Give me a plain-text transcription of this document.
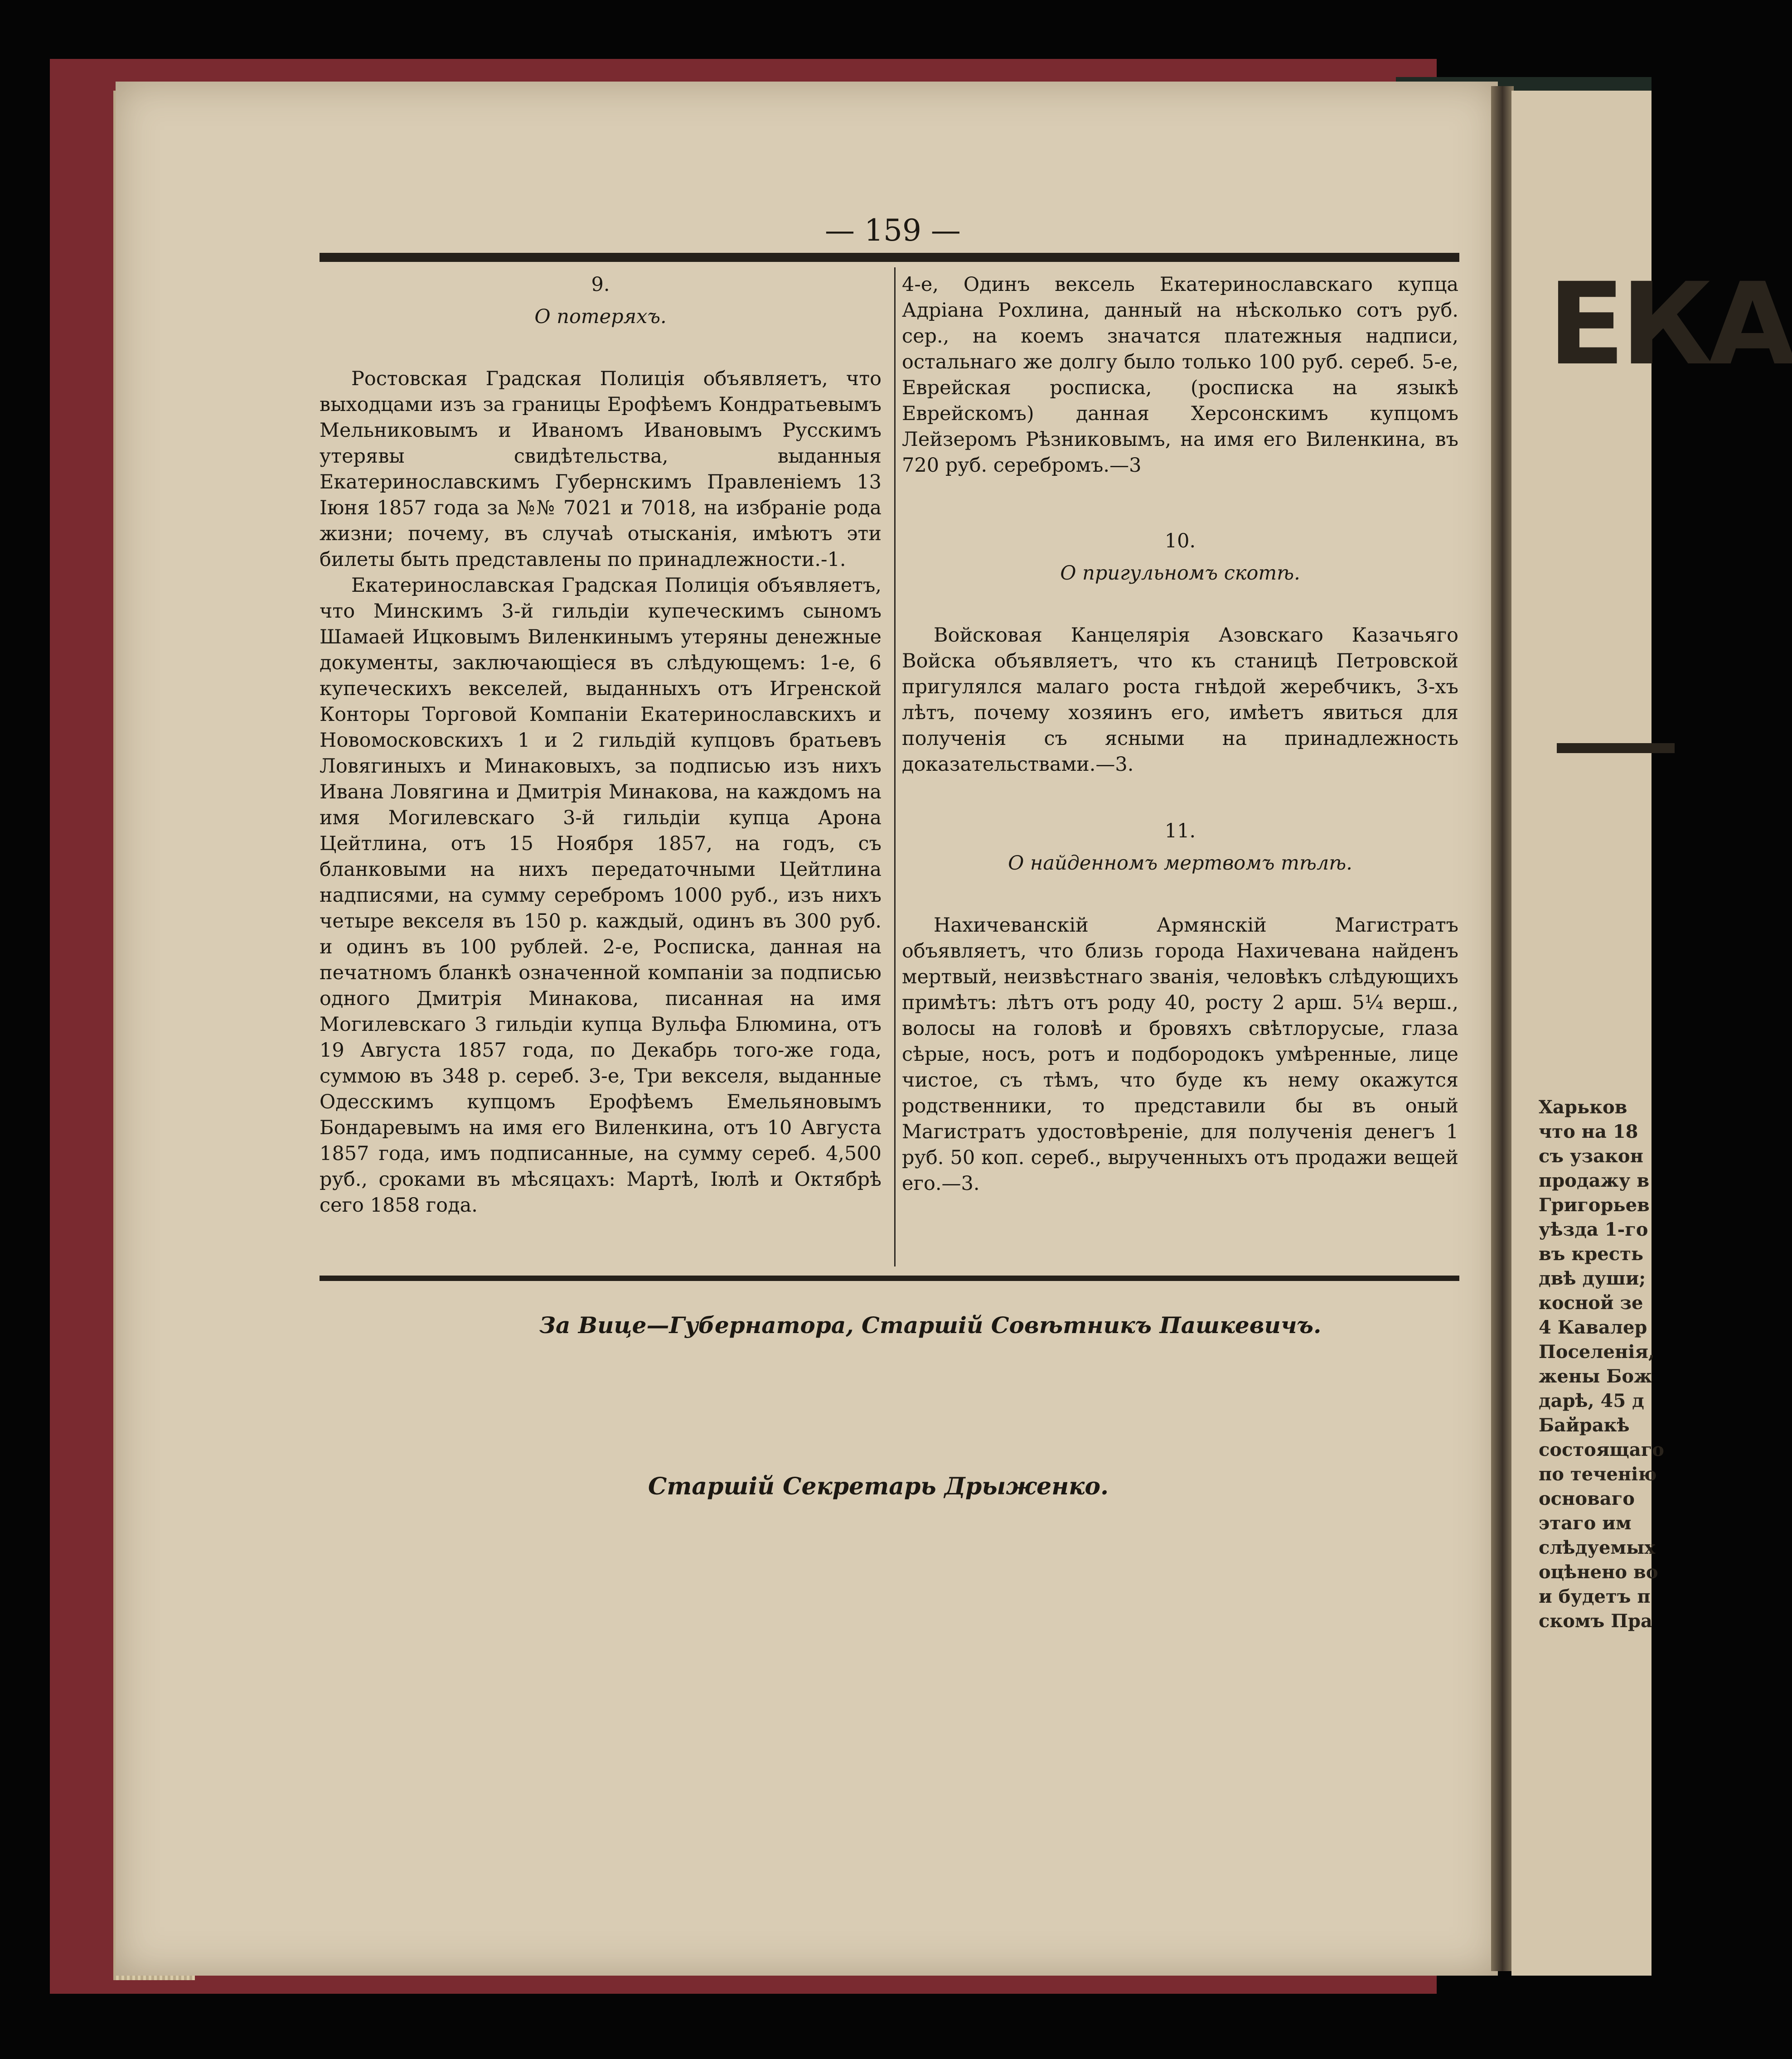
ЕКА
Харьков
что на 18
съ узакон
продажу в
Григорьев
уѣзда 1-го
въ кресть
двѣ души;
косной зе
4 Кавалер
Поселенія,
жены Бож
дарѣ, 45 д
Байракѣ
состоящаго
по теченію
основаго
этаго им
слѣдуемых
оцѣнено во
и будетъ п
скомъ Пра
— 159 —

9.

О потеряхъ.

Ростовская Градская Полиція объявляетъ, что выходцами изъ за границы Ерофѣемъ Кондратьевымъ Мельниковымъ и Иваномъ Ивановымъ Русскимъ утерявы свидѣтельства, выданныя Екатеринославскимъ Губернскимъ Правленіемъ 13 Іюня 1857 года за №№ 7021 и 7018, на избраніе рода жизни; почему, въ случаѣ отысканія, имѣютъ эти билеты быть представлены по принадлежности.-1.

Екатеринославская Градская Полиція объявляетъ, что Минскимъ 3-й гильдіи купеческимъ сыномъ Шамаей Ицковымъ Виленкинымъ утеряны денежные документы, заключающіеся въ слѣдующемъ: 1-е, 6 купеческихъ векселей, выданныхъ отъ Игренской Конторы Торговой Компаніи Екатеринославскихъ и Новомосковскихъ 1 и 2 гильдій купцовъ братьевъ Ловягиныхъ и Минаковыхъ, за подписью изъ нихъ Ивана Ловягина и Дмитрія Минакова, на каждомъ на имя Могилевскаго 3-й гильдіи купца Арона Цейтлина, отъ 15 Ноября 1857, на годъ, съ бланковыми на нихъ передаточными Цейтлина надписями, на сумму серебромъ 1000 руб., изъ нихъ четыре векселя въ 150 р. каждый, одинъ въ 300 руб. и одинъ въ 100 рублей. 2-е, Росписка, данная на печатномъ бланкѣ означенной компаніи за подписью одного Дмитрія Минакова, писанная на имя Могилевскаго 3 гильдіи купца Вульфа Блюмина, отъ 19 Августа 1857 года, по Декабрь того-же года, суммою въ 348 р. сереб. 3-е, Три векселя, выданные Одесскимъ купцомъ Ерофѣемъ Емельяновымъ Бондаревымъ на имя его Виленкина, отъ 10 Августа 1857 года, имъ подписанные, на сумму сереб. 4,500 руб., сроками въ мѣсяцахъ: Мартѣ, Іюлѣ и Октябрѣ сего 1858 года.

4-е, Одинъ вексель Екатеринославскаго купца Адріана Рохлина, данный на нѣсколько сотъ руб. сер., на коемъ значатся платежныя надписи, остальнаго же долгу было только 100 руб. сереб. 5-е, Еврейская росписка, (росписка на языкѣ Еврейскомъ) данная Херсонскимъ купцомъ Лейзеромъ Рѣзниковымъ, на имя его Виленкина, въ 720 руб. серебромъ.—3

10.

О пригульномъ скотѣ.

Войсковая Канцелярія Азовскаго Казачьяго Войска объявляетъ, что къ станицѣ Петровской пригулялся малаго роста гнѣдой жеребчикъ, 3-хъ лѣтъ, почему хозяинъ его, имѣетъ явиться для полученія съ ясными на принадлежность доказательствами.—3.

11.

О найденномъ мертвомъ тѣлѣ.

Нахичеванскій Армянскій Магистратъ объявляетъ, что близь города Нахичевана найденъ мертвый, неизвѣстнаго званія, человѣкъ слѣдующихъ примѣтъ: лѣтъ отъ роду 40, росту 2 арш. 5¼ верш., волосы на головѣ и бровяхъ свѣтлорусые, глаза сѣрые, носъ, ротъ и подбородокъ умѣренные, лице чистое, съ тѣмъ, что буде къ нему окажутся родственники, то представили бы въ оный Магистратъ удостовѣреніе, для полученія денегъ 1 руб. 50 коп. сереб., вырученныхъ отъ продажи вещей его.—3.

За Вице—Губернатора, Старшій Совѣтникъ Пашкевичъ.
Старшій Секретарь Дрыженко.
